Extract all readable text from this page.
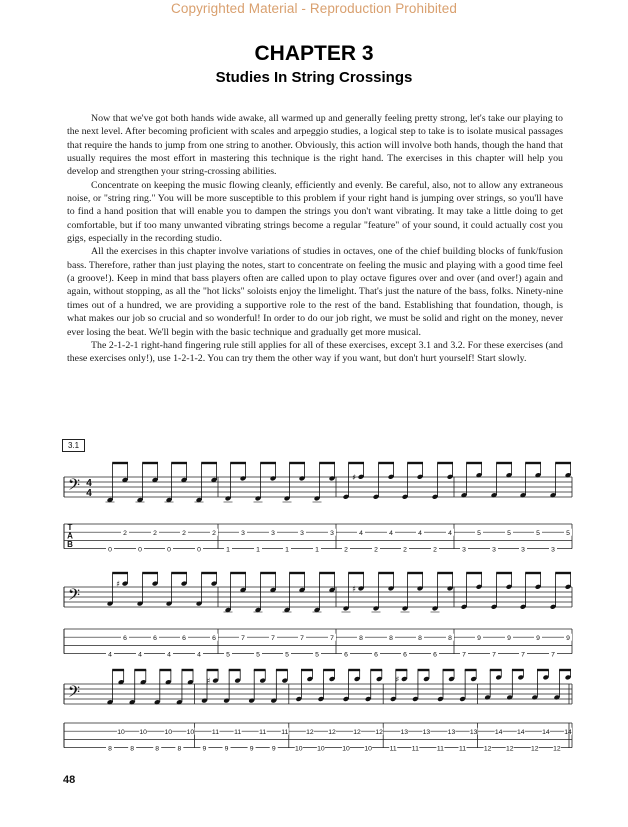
Copyrighted Material - Reproduction Prohibited
CHAPTER 3
Studies In String Crossings

Now that we've got both hands wide awake, all warmed up and generally feeling pretty strong, let's take our playing to the next level. After becoming proficient with scales and arpeggio studies, a logical step to take is to isolate musical passages that require the hands to jump from one string to another. Obviously, this action will involve both hands, though the hand that usually requires the most effort in mastering this technique is the right hand. The exercises in this chapter will help you develop and strengthen your string-crossing abilities.

Concentrate on keeping the music flowing cleanly, efficiently and evenly. Be careful, also, not to allow any extraneous noise, or "string ring." You will be more susceptible to this problem if your right hand is jumping over strings, so you'll have to find a hand position that will enable you to dampen the strings you don't want vibrating. It may take a little doing to get comfortable, but if too many unwanted vibrating strings become a regular "feature" of your sound, it could actually cost you gigs, especially in the recording studio.

All the exercises in this chapter involve variations of studies in octaves, one of the chief building blocks of funk/fusion bass. Therefore, rather than just playing the notes, start to concentrate on feeling the music and playing with a good time feel (a groove!). Keep in mind that bass players often are called upon to play octave figures over and over (and over!) again and again, without stopping, as all the "hot licks" soloists enjoy the limelight. That's just the nature of the bass, folks. Ninety-nine times out of a hundred, we are providing a supportive role to the rest of the band. Establishing that foundation, though, is what makes our job so crucial and so wonderful! In order to do our job right, we must be solid and right on the money, never ever losing the beat. We'll begin with the basic technique and gradually get more musical.

The 2-1-2-1 right-hand fingering rule still applies for all of these exercises, except 3.1 and 3.2. For these exercises (and these exercises only!), use 1-2-1-2. You can try them the other way if you want, but don't hurt yourself! Start slowly.

3.1
𝄢 4
4
T
A
B
0
2
0
2
0
2
0
2
1
3
1
3
1
3
1
3
2
♯
4
2
4
2
4
2
4
3
5
3
5
3
5
3
5
𝄢
4
♯
6
4
6
4
6
4
6
5
7
5
7
5
7
5
7
6
♯
8
6
8
6
8
6
8
7
9
7
9
7
9
7
9
𝄢
8
10
8
10
8
10
8
10
9
♯
11
9
11
9
11
9
11
10
12
10
12
10
12
10
12
11
♯
13
11
13
11
13
11
13
12
14
12
14
12
14
12
14
48
